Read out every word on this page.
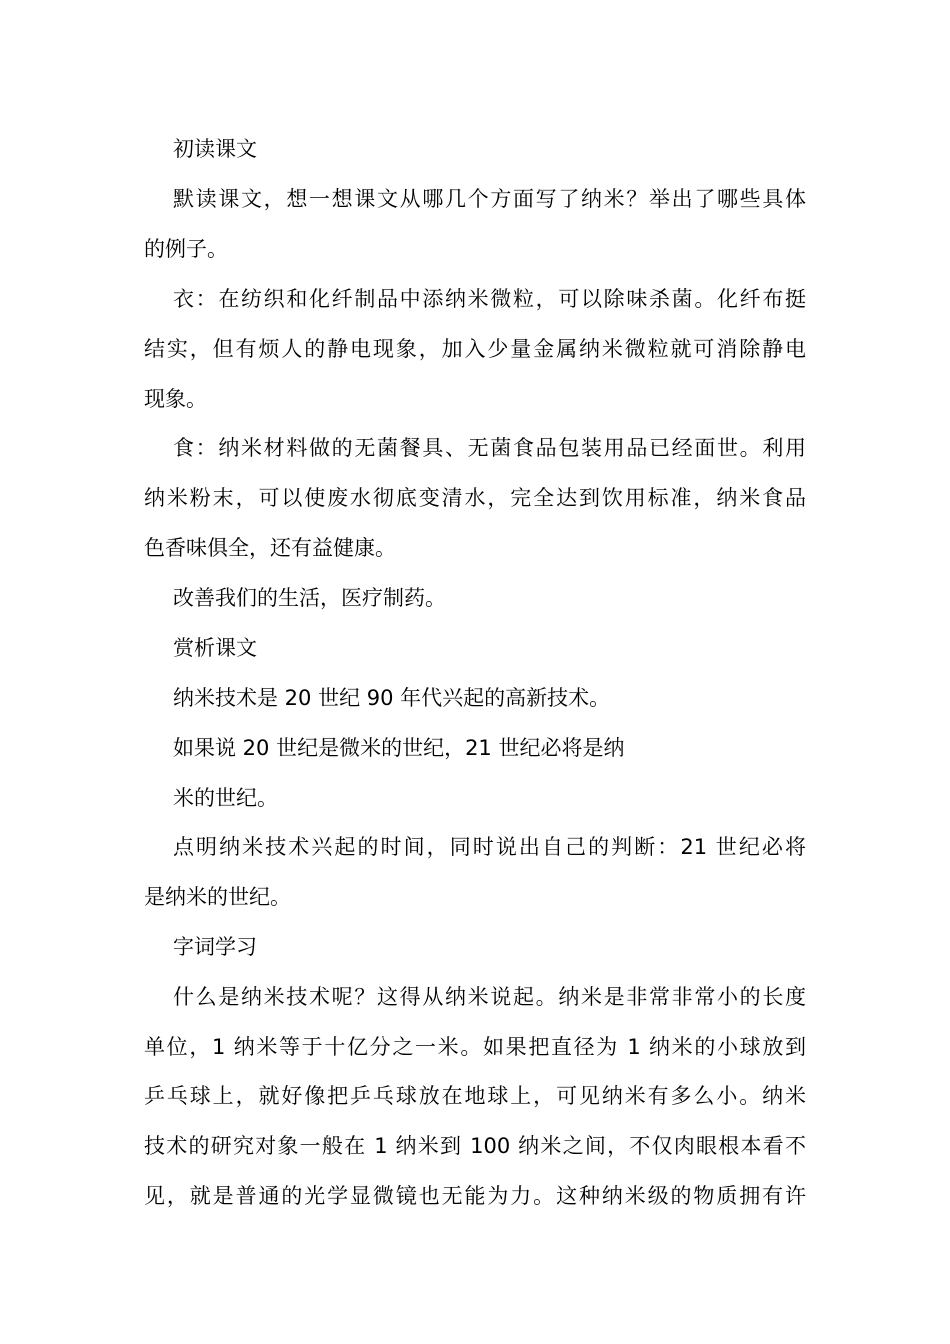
初读课文
默读课文，想一想课文从哪几个方面写了纳米？举出了哪些具体
的例子。
衣：在纺织和化纤制品中添纳米微粒，可以除味杀菌。化纤布挺
结实，但有烦人的静电现象，加入少量金属纳米微粒就可消除静电
现象。
食：纳米材料做的无菌餐具、无菌食品包装用品已经面世。利用
纳米粉末，可以使废水彻底变清水，完全达到饮用标准，纳米食品
色香味俱全，还有益健康。
改善我们的生活，医疗制药。
赏析课文
纳米技术是 20 世纪 90 年代兴起的高新技术。
如果说 20 世纪是微米的世纪，21 世纪必将是纳
米的世纪。
点明纳米技术兴起的时间，同时说出自己的判断：21 世纪必将
是纳米的世纪。
字词学习
什么是纳米技术呢？这得从纳米说起。纳米是非常非常小的长度
单位，1 纳米等于十亿分之一米。如果把直径为 1 纳米的小球放到
乒乓球上，就好像把乒乓球放在地球上，可见纳米有多么小。纳米
技术的研究对象一般在 1 纳米到 100 纳米之间，不仅肉眼根本看不
见，就是普通的光学显微镜也无能为力。这种纳米级的物质拥有许
